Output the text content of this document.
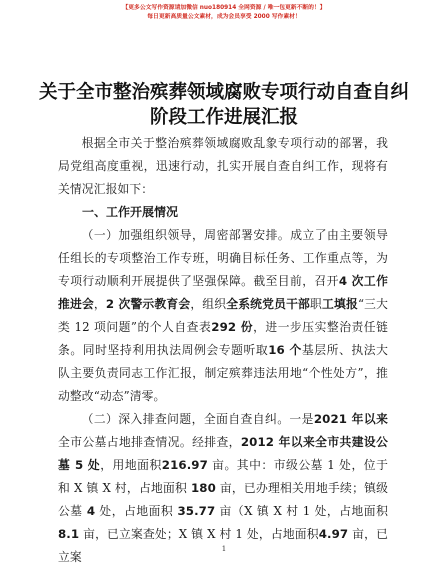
【更多公文写作资源请加微信 nuo180914 全网资源 / 唯一包更新不断的！】
每日更新高质量公文素材，成为会员享受 2000 写作素材！
关于全市整治殡葬领域腐败专项行动自查自纠
阶段工作进展汇报

根据全市关于整治殡葬领域腐败乱象专项行动的部署，我局党组高度重视，迅速行动，扎实开展自查自纠工作，现将有关情况汇报如下：

一、工作开展情况

（一）加强组织领导，周密部署安排。成立了由主要领导任组长的专项整治工作专班，明确目标任务、工作重点等，为专项行动顺利开展提供了坚强保障。截至目前，召开4 次工作推进会，2 次警示教育会，组织全系统党员干部职工填报“三大类 12 项问题”的个人自查表292 份，进一步压实整治责任链条。同时坚持利用执法周例会专题听取16 个基层所、执法大队主要负责同志工作汇报，制定殡葬违法用地“个性处方”，推动整改“动态”清零。

（二）深入排查问题，全面自查自纠。一是2021 年以来全市公墓占地排查情况。经排查，2012 年以来全市共建设公墓 5 处，用地面积216.97 亩。其中：市级公墓 1 处，位于和 X 镇 X 村，占地面积 180 亩，已办理相关用地手续；镇级公墓 4 处，占地面积 35.77 亩（X 镇 X 村 1 处，占地面积 8.1 亩，已立案查处；X 镇 X 村 1 处，占地面积4.97 亩，已立案

1
